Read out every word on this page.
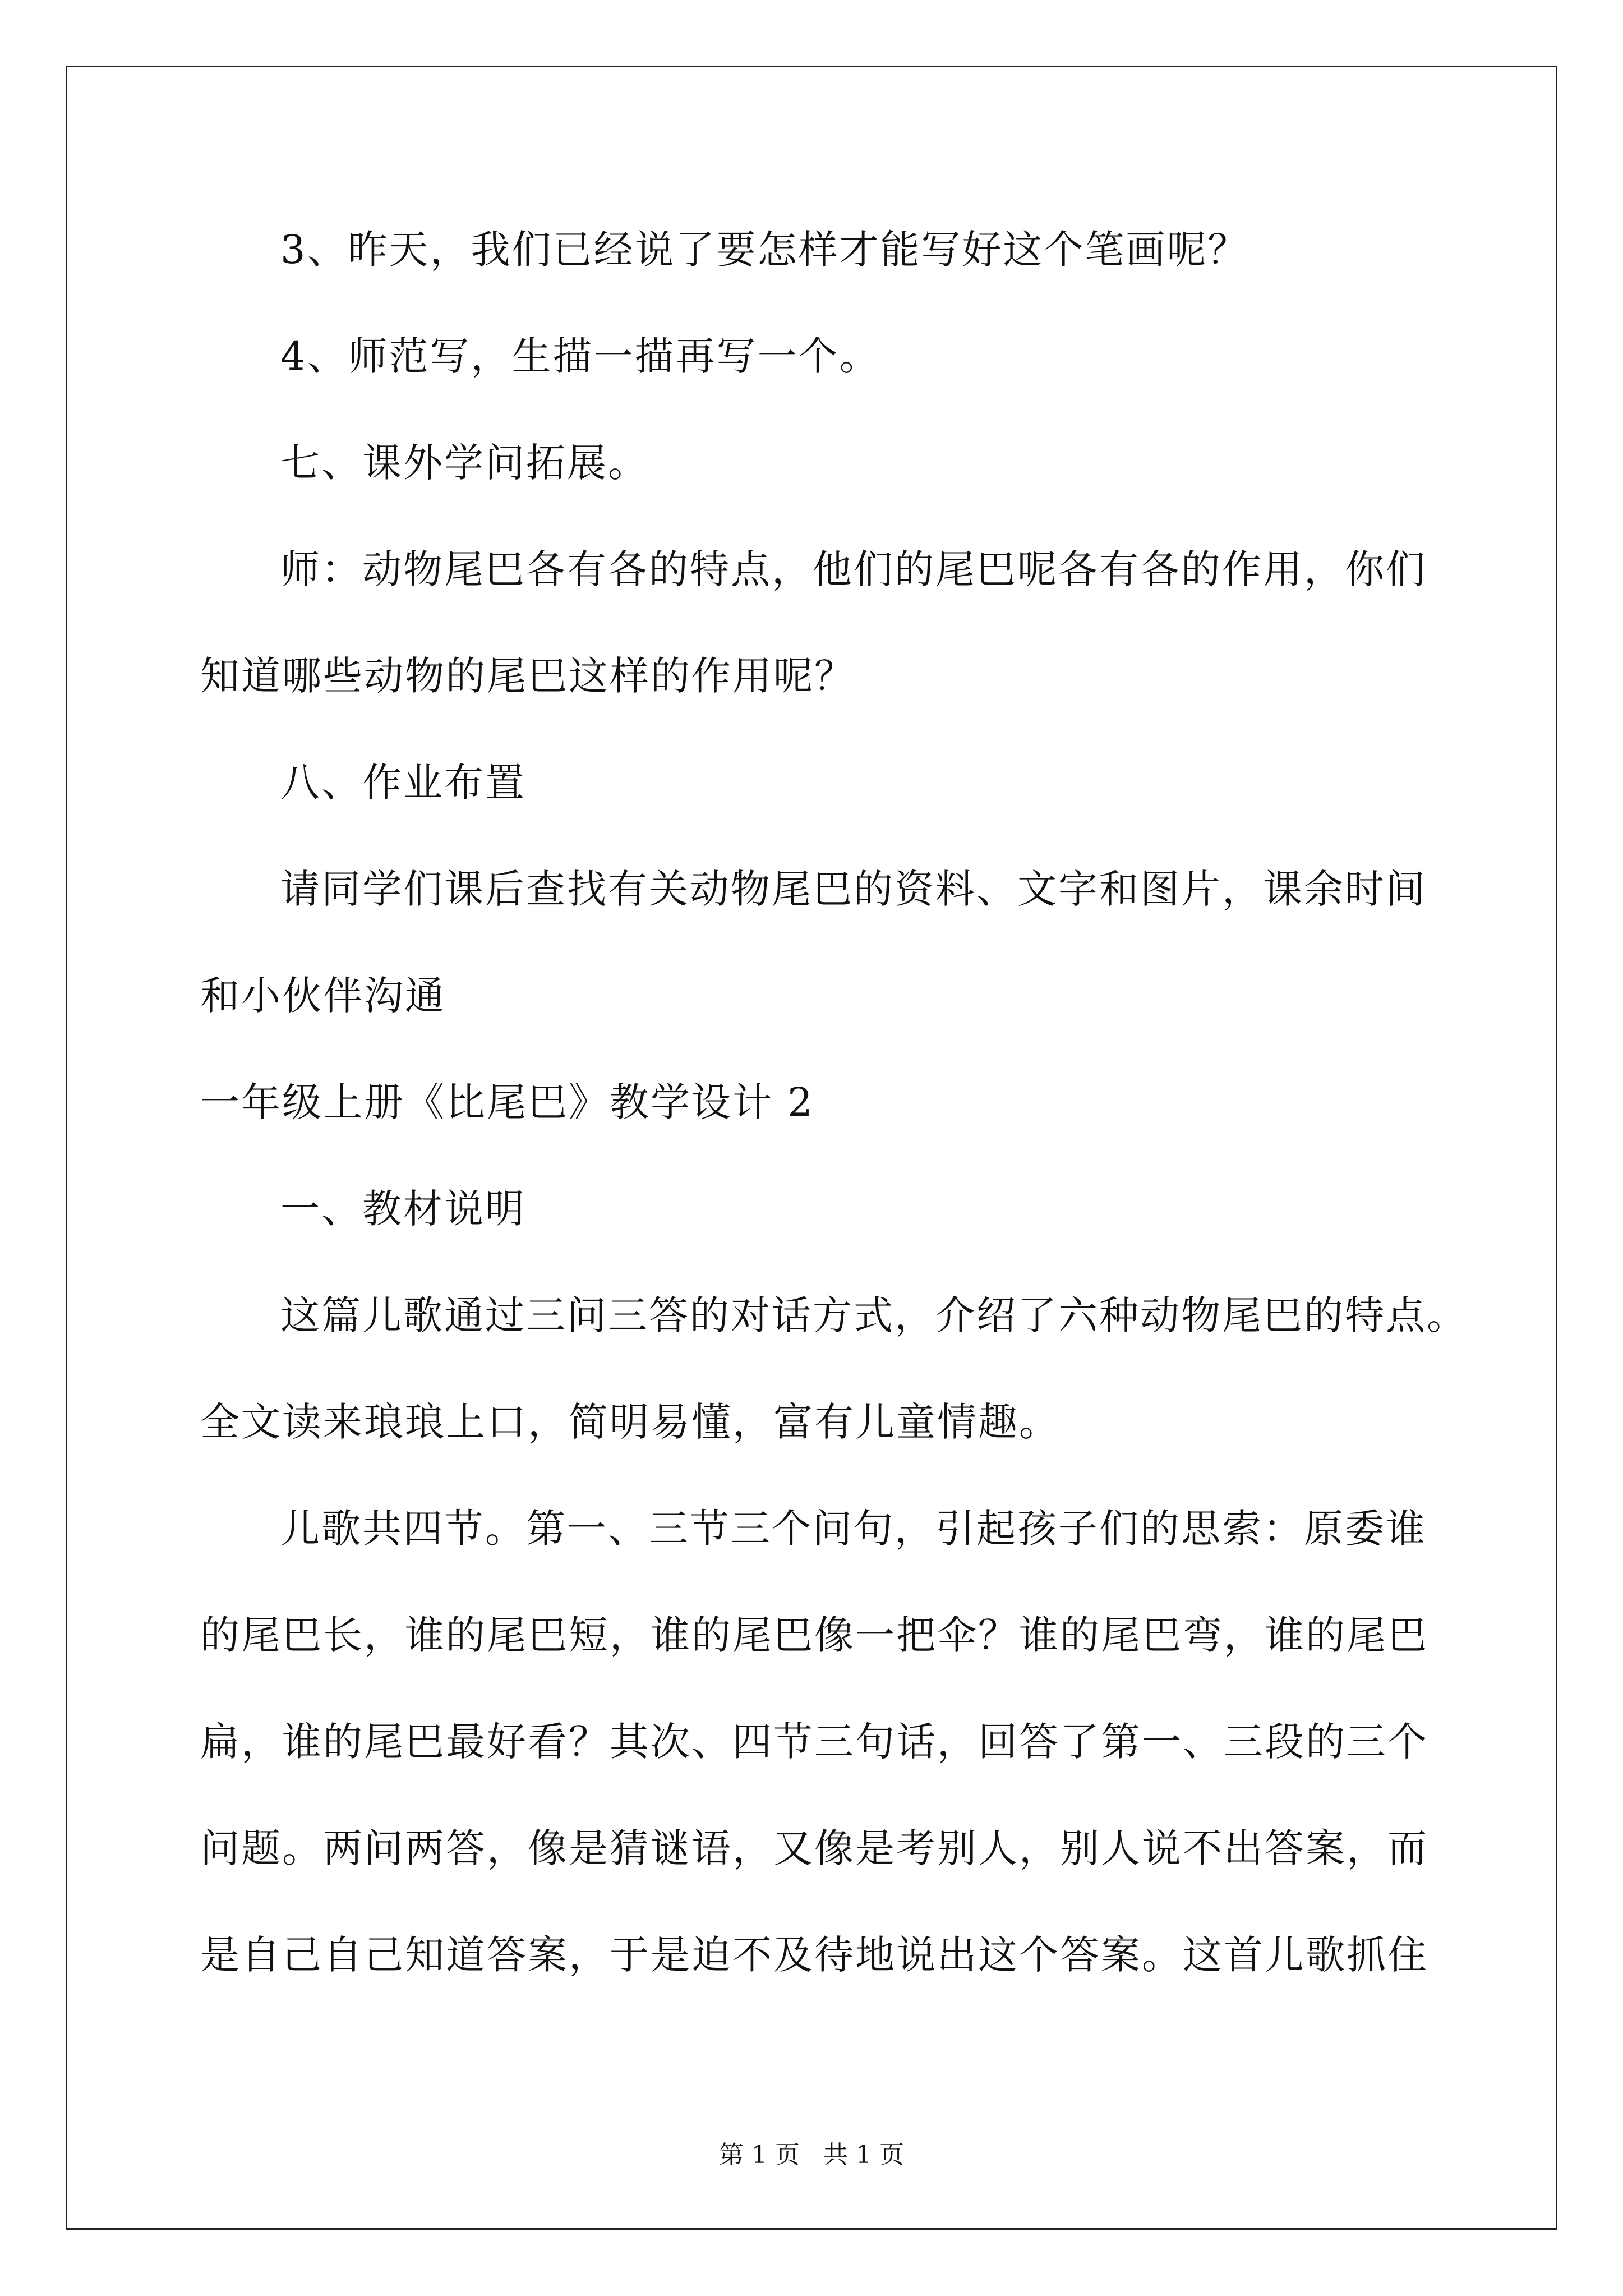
3、昨天，我们已经说了要怎样才能写好这个笔画呢？
4、师范写，生描一描再写一个。
七、课外学问拓展。
师：动物尾巴各有各的特点，他们的尾巴呢各有各的作用，你们
知道哪些动物的尾巴这样的作用呢？
八、作业布置
请同学们课后查找有关动物尾巴的资料、文字和图片，课余时间
和小伙伴沟通
一年级上册《比尾巴》教学设计 2
一、教材说明
这篇儿歌通过三问三答的对话方式，介绍了六种动物尾巴的特点。
全文读来琅琅上口，简明易懂，富有儿童情趣。
儿歌共四节。第一、三节三个问句，引起孩子们的思索：原委谁
的尾巴长，谁的尾巴短，谁的尾巴像一把伞？谁的尾巴弯，谁的尾巴
扁，谁的尾巴最好看？其次、四节三句话，回答了第一、三段的三个
问题。两问两答，像是猜谜语，又像是考别人，别人说不出答案，而
是自己自己知道答案，于是迫不及待地说出这个答案。这首儿歌抓住
第 1 页 共 1 页
